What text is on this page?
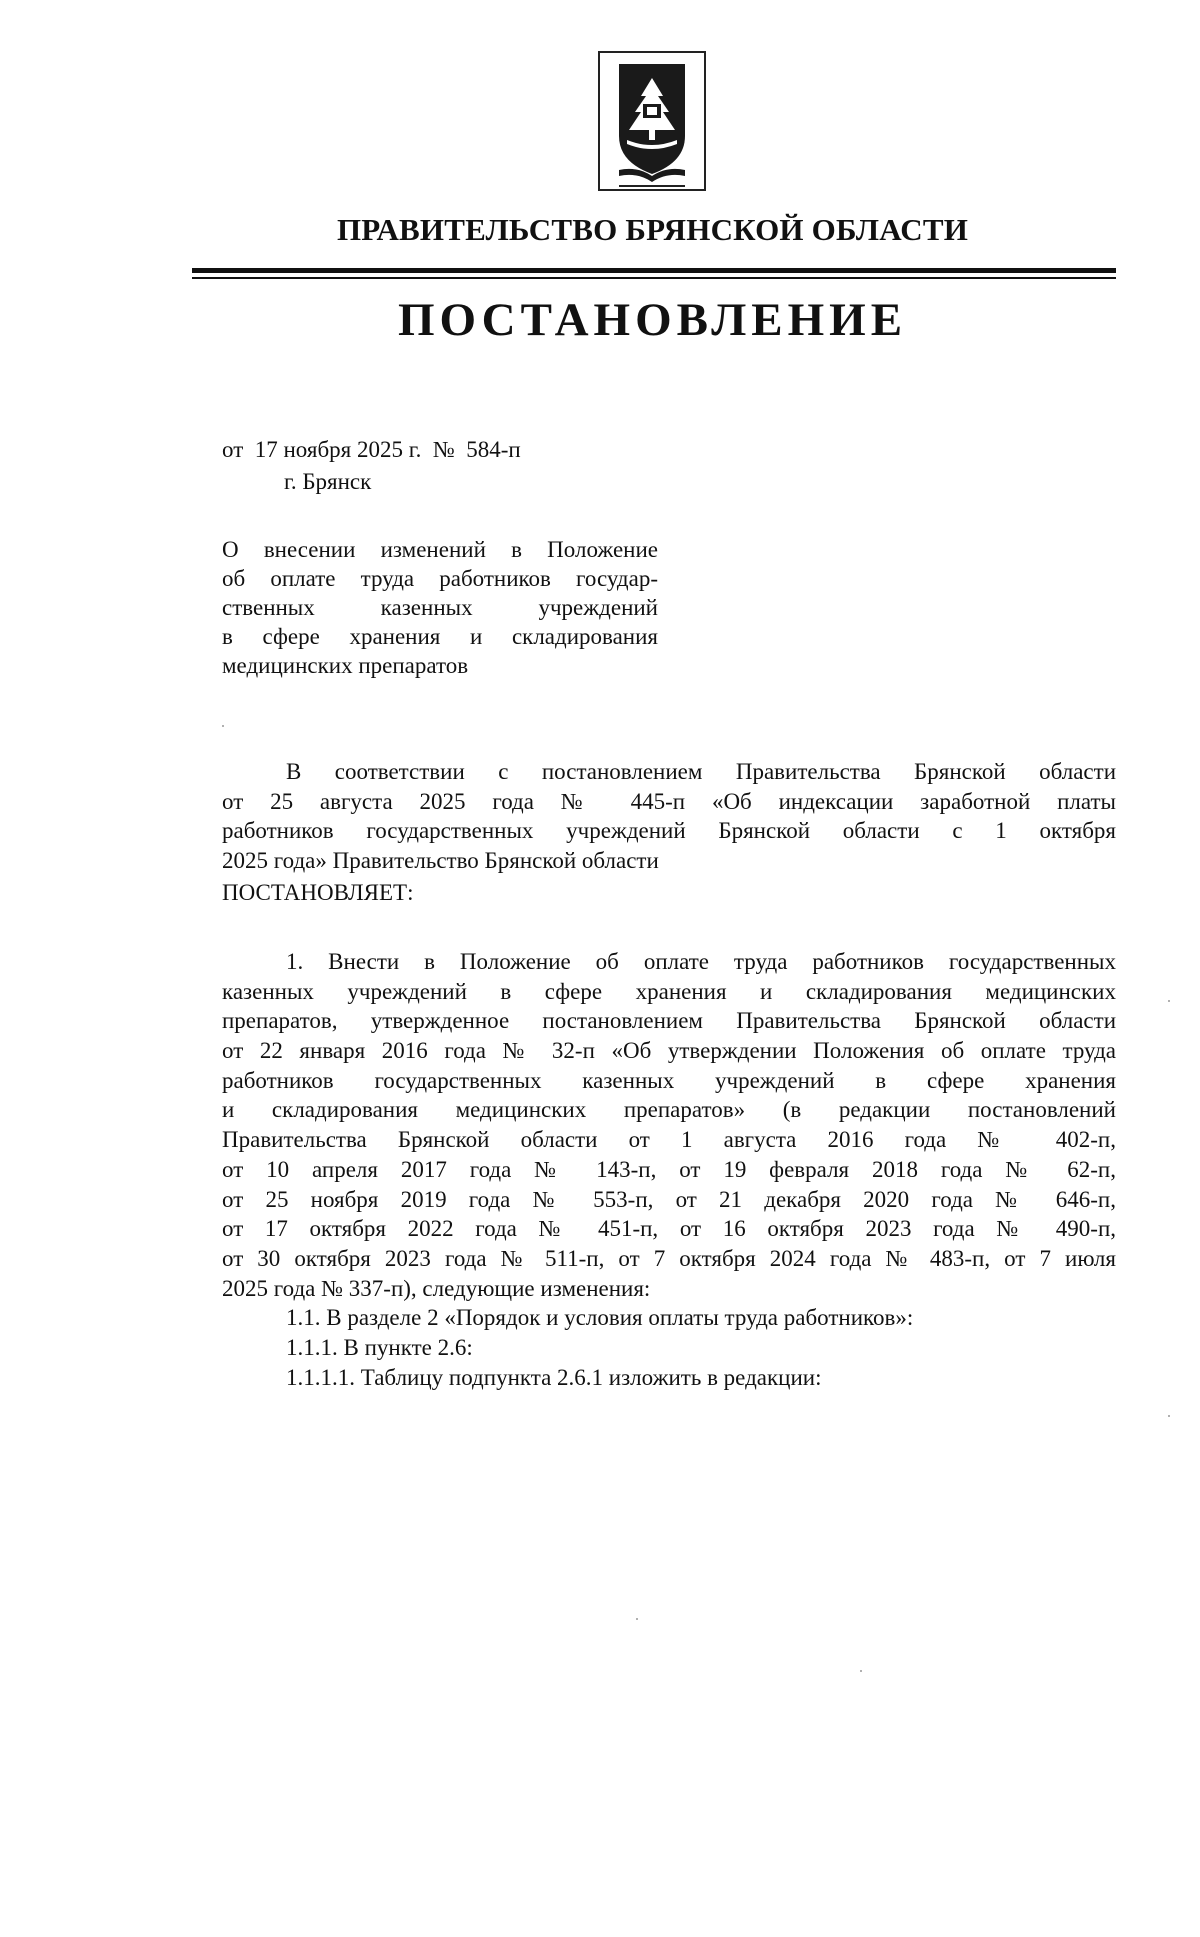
ПРАВИТЕЛЬСТВО БРЯНСКОЙ ОБЛАСТИ
ПОСТАНОВЛЕНИЕ
от  17 ноября 2025 г.  №  584-п
г. Брянск
О внесении изменений в Положение
об оплате труда работников государ-
ственных казенных учреждений
в сфере хранения и складирования
медицинских препаратов
В соответствии с постановлением Правительства Брянской области
от 25 августа 2025 года № 445-п «Об индексации заработной платы
работников государственных учреждений Брянской области с 1 октября
2025 года» Правительство Брянской области
ПОСТАНОВЛЯЕТ:
1. Внести в Положение об оплате труда работников государственных
казенных учреждений в сфере хранения и складирования медицинских
препаратов, утвержденное постановлением Правительства Брянской области
от 22 января 2016 года № 32-п «Об утверждении Положения об оплате труда
работников государственных казенных учреждений в сфере хранения
и складирования медицинских препаратов» (в редакции постановлений
Правительства Брянской области от 1 августа 2016 года № 402-п,
от 10 апреля 2017 года № 143-п, от 19 февраля 2018 года № 62-п,
от 25 ноября 2019 года № 553-п, от 21 декабря 2020 года № 646-п,
от 17 октября 2022 года № 451-п, от 16 октября 2023 года № 490-п,
от 30 октября 2023 года № 511-п, от 7 октября 2024 года № 483-п, от 7 июля
2025 года № 337-п), следующие изменения:
1.1. В разделе 2 «Порядок и условия оплаты труда работников»:
1.1.1. В пункте 2.6:
1.1.1.1. Таблицу подпункта 2.6.1 изложить в редакции:
